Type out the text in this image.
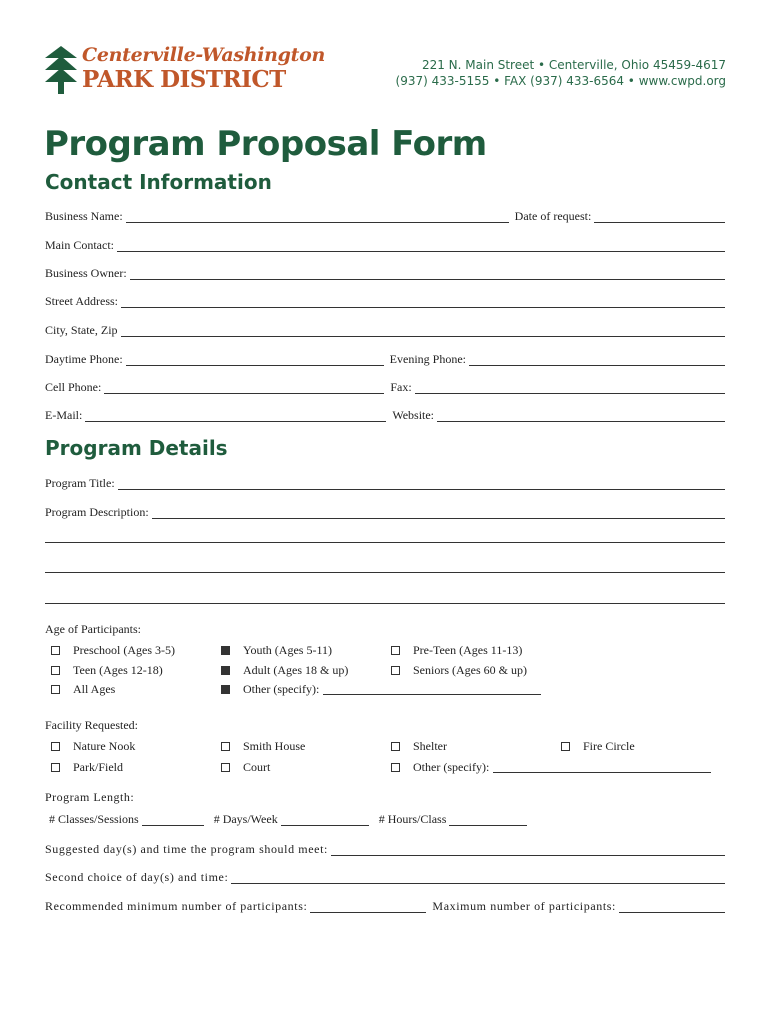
Centerville-Washington
PARK DISTRICT
221 N. Main Street • Centerville, Ohio 45459-4617
(937) 433-5155 • FAX (937) 433-6564 • www.cwpd.org
Program Proposal Form
Contact Information
Business Name:	Date of request:
Main Contact:
Business Owner:
Street Address:
City, State, Zip
Daytime Phone:	Evening Phone:
Cell Phone:	Fax:
E-Mail:	Website:
Program Details
Program Title:
Program Description:
Age of Participants:
Preschool (Ages 3-5)	Youth (Ages 5-11)	Pre-Teen (Ages 11-13)
Teen (Ages 12-18)	Adult (Ages 18 & up)	Seniors (Ages 60 & up)
All Ages	Other (specify):
Facility Requested:
Nature Nook	Smith House	Shelter	Fire Circle
Park/Field	Court	Other (specify):
Program Length:
# Classes/Sessions	# Days/Week	# Hours/Class
Suggested day(s) and time the program should meet:
Second choice of day(s) and time:
Recommended minimum number of participants:	Maximum number of participants:
